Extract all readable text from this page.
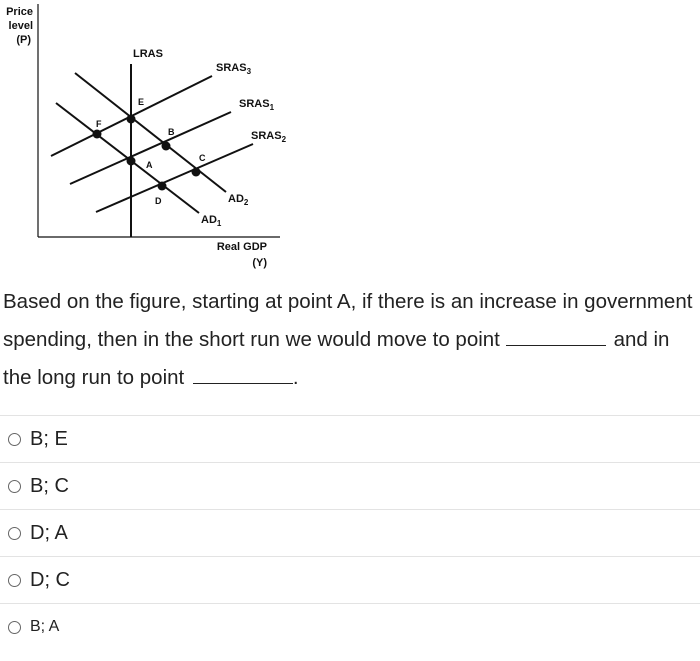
Price
level
(P)
Real GDP
(Y)
LRAS
$SRAS_3$
$SRAS_1$
$SRAS_2$
$AD_2$
$AD_1$
E
F
B
A
C
D

Based on the figure, starting at point A, if there is an increase in government spending, then in the short run we would move to point	and in the long run to point	.

B; E
B; C
D; A
D; C
B; A
